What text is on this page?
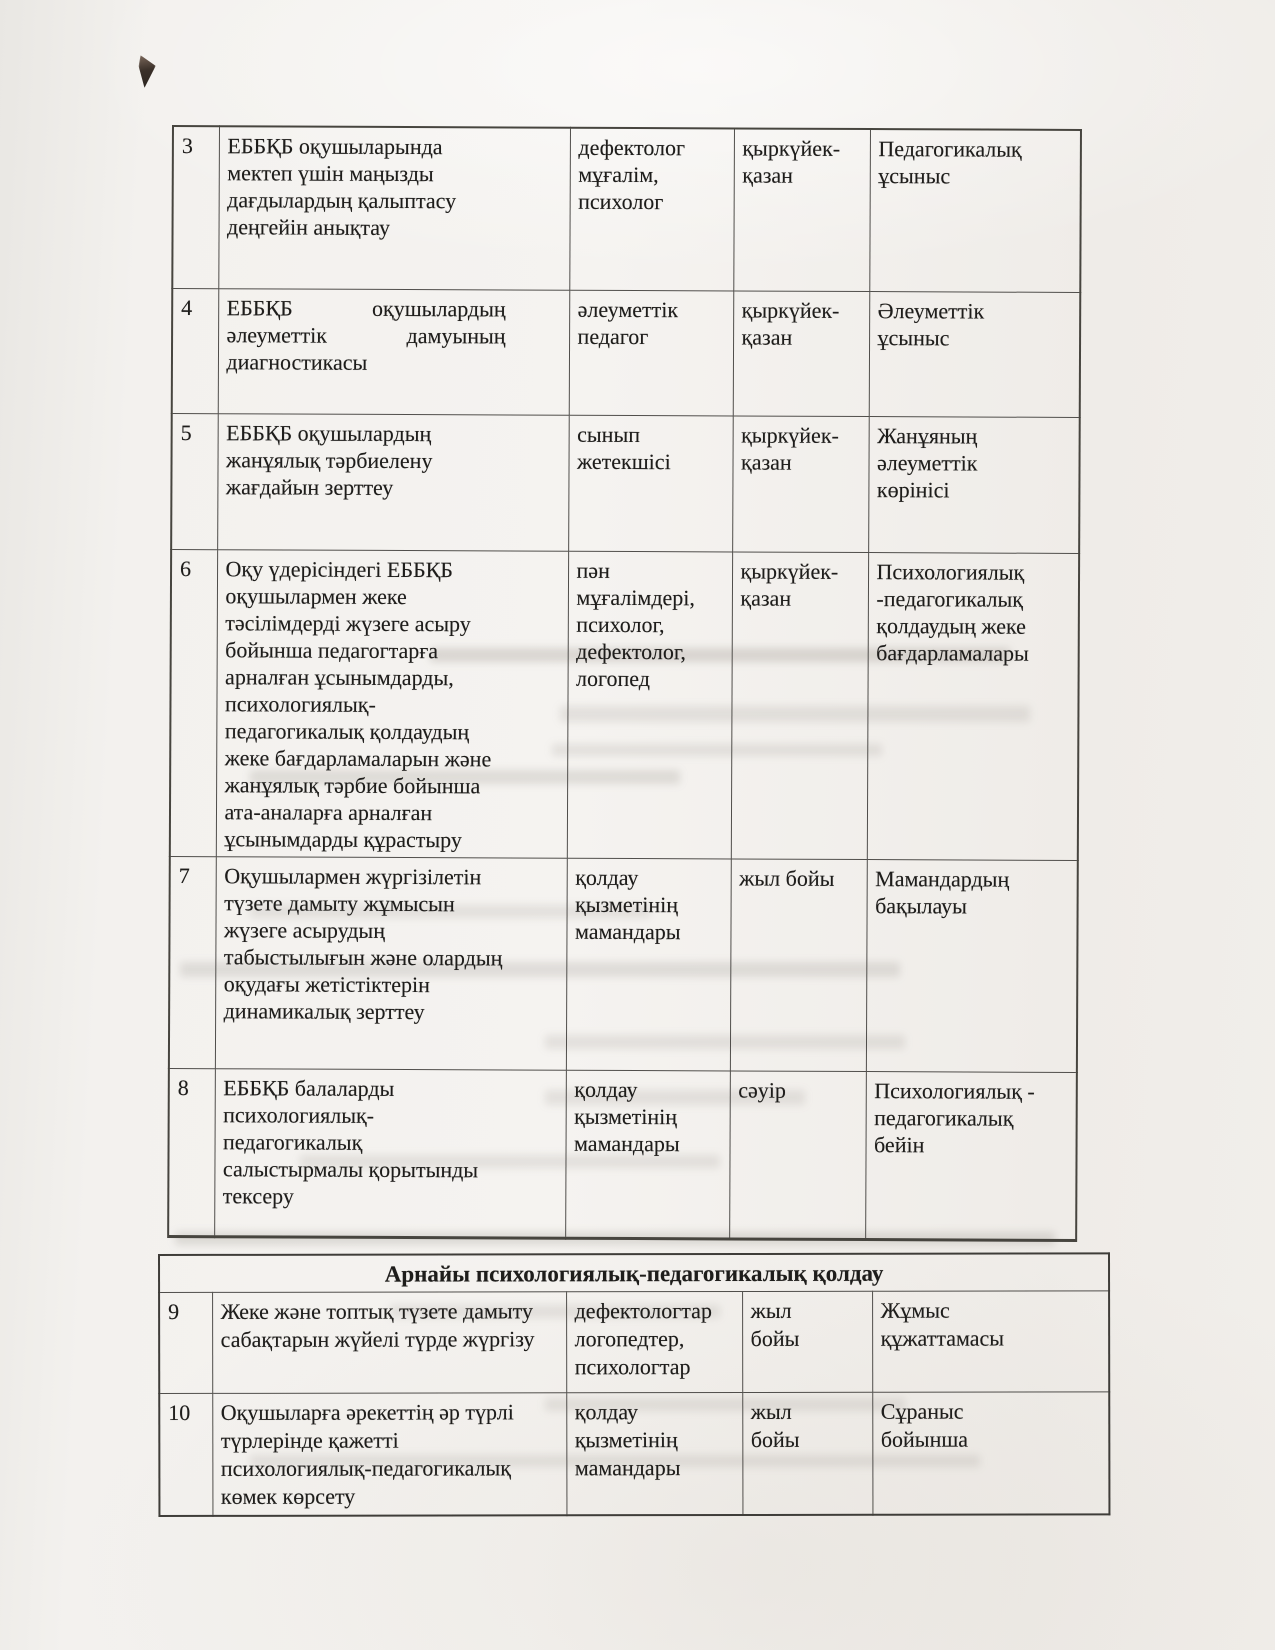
3	ЕББҚБ оқушыларында мектеп үшін маңызды дағдылардың қалыптасу деңгейін анықтау	дефектолог мұғалім, психолог	қыркүйек-қазан	Педагогикалық ұсыныс
4	ЕББҚБ оқушылардың әлеуметтік дамуының диагностикасы	әлеуметтік педагог	қыркүйек-қазан	Әлеуметтік ұсыныс
5	ЕББҚБ оқушылардың жанұялық тәрбиелену жағдайын зерттеу	сынып жетекшісі	қыркүйек-қазан	Жанұяның әлеуметтік көрінісі
6	Оқу үдерісіндегі ЕББҚБ оқушылармен жеке тәсілімдерді жүзеге асыру бойынша педагогтарға арналған ұсынымдарды, психологиялық-педагогикалық қолдаудың жеке бағдарламаларын және жанұялық тәрбие бойынша ата-аналарға арналған ұсынымдарды құрастыру	пән мұғалімдері, психолог, дефектолог, логопед	қыркүйек-қазан	Психологиялық -педагогикалық қолдаудың жеке бағдарламалары
7	Оқушылармен жүргізілетін түзете дамыту жұмысын жүзеге асырудың табыстылығын және олардың оқудағы жетістіктерін динамикалық зерттеу	қолдау қызметінің мамандары	жыл бойы	Мамандардың бақылауы
8	ЕББҚБ балаларды психологиялық-педагогикалық салыстырмалы қорытынды тексеру	қолдау қызметінің мамандары	сәуір	Психологиялық - педагогикалық бейін
Арнайы психологиялық-педагогикалық қолдау				
9	Жеке және топтық түзете дамыту сабақтарын жүйелі түрде жүргізу	дефектологтар логопедтер, психологтар	жыл бойы	Жұмыс құжаттамасы
10	Оқушыларға әрекеттің әр түрлі түрлерінде қажетті психологиялық-педагогикалық көмек көрсету	қолдау қызметінің мамандары	жыл бойы	Сұраныс бойынша
